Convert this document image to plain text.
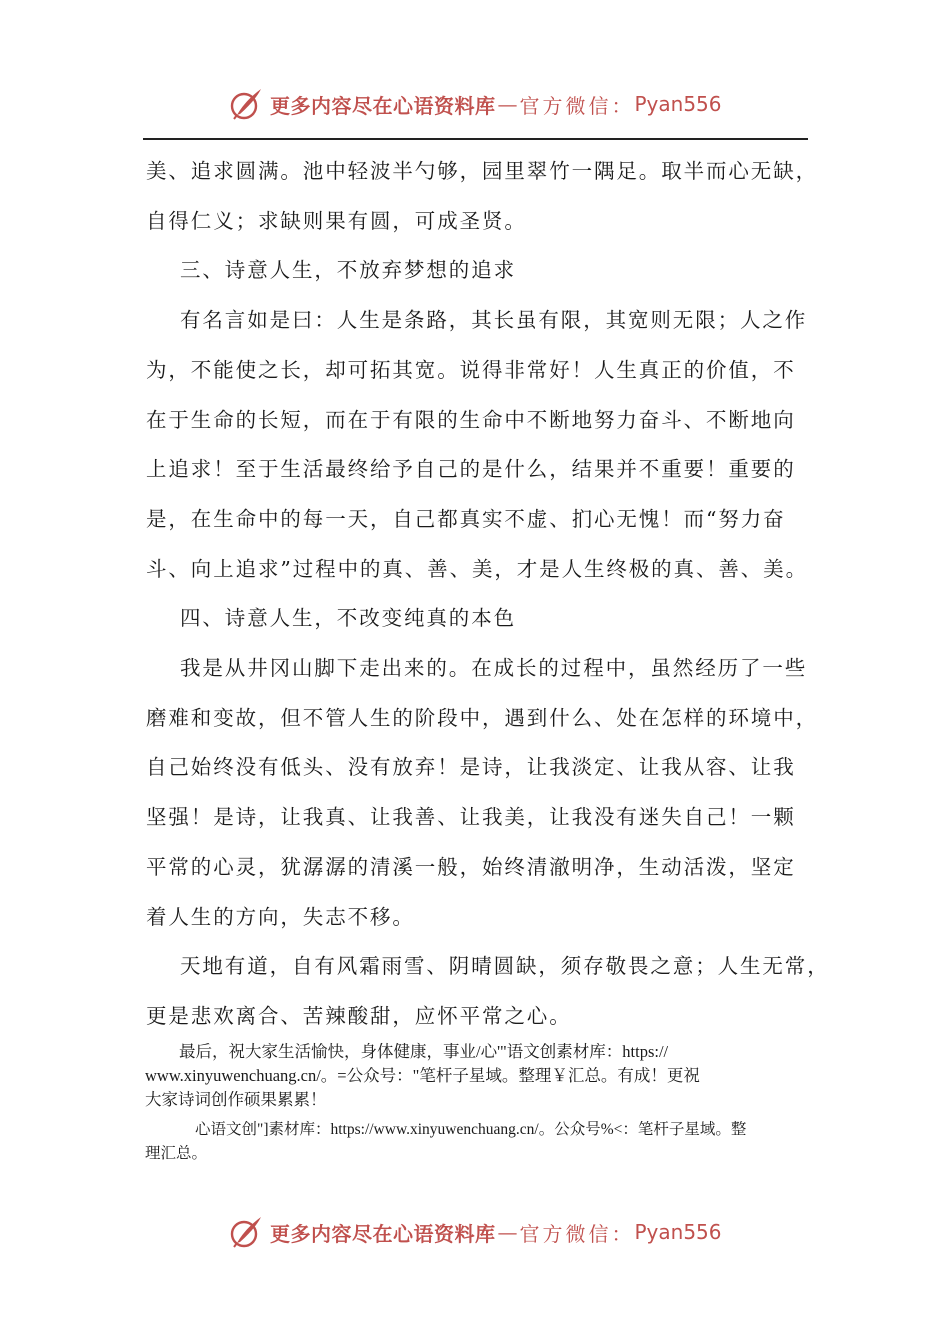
更多内容尽在心语资料库 — 官方微信： Pyan556

美、追求圆满。池中轻波半勺够，园里翠竹一隅足。取半而心无缺，

自得仁义；求缺则果有圆，可成圣贤。

三、诗意人生，不放弃梦想的追求

有名言如是曰：人生是条路，其长虽有限，其宽则无限；人之作

为，不能使之长，却可拓其宽。说得非常好！人生真正的价值，不

在于生命的长短，而在于有限的生命中不断地努力奋斗、不断地向

上追求！至于生活最终给予自己的是什么，结果并不重要！重要的

是，在生命中的每一天，自己都真实不虚、扪心无愧！而“努力奋

斗、向上追求”过程中的真、善、美，才是人生终极的真、善、美。

四、诗意人生，不改变纯真的本色

我是从井冈山脚下走出来的。在成长的过程中，虽然经历了一些

磨难和变故，但不管人生的阶段中，遇到什么、处在怎样的环境中，

自己始终没有低头、没有放弃！是诗，让我淡定、让我从容、让我

坚强！是诗，让我真、让我善、让我美，让我没有迷失自己！一颗

平常的心灵，犹潺潺的清溪一般，始终清澈明净，生动活泼，坚定

着人生的方向，失志不移。

天地有道，自有风霜雨雪、阴晴圆缺，须存敬畏之意；人生无常，

更是悲欢离合、苦辣酸甜，应怀平常之心。

最后，祝大家生活愉快，身体健康，事业/心'"语文创素材库：https://

www.xinyuwenchuang.cn/。=公众号："笔杆子星域。整理￥汇总。有成！更祝

大家诗词创作硕果累累！

心语文创"]素材库：https://www.xinyuwenchuang.cn/。公众号%<：笔杆子星域。整

理汇总。

更多内容尽在心语资料库 — 官方微信： Pyan556
